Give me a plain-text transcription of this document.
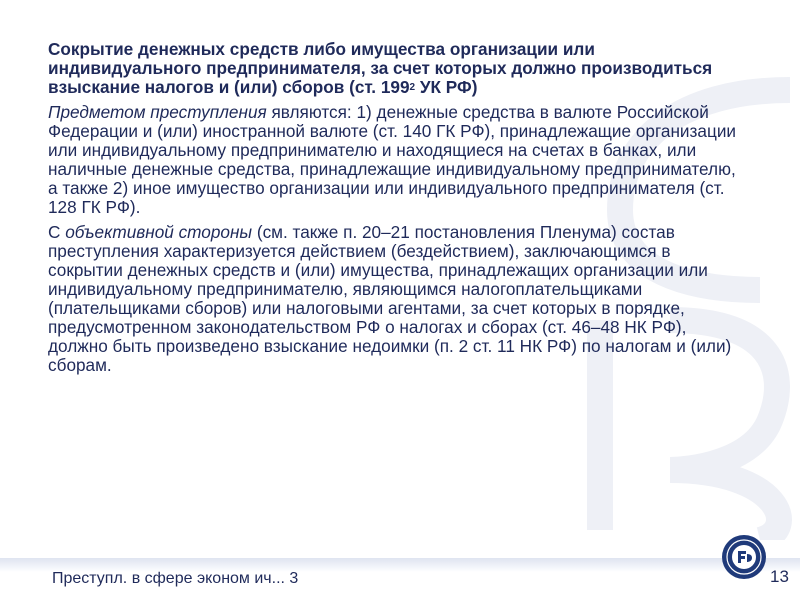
Сокрытие денежных средств либо имущества организации или индивидуального предпринимателя, за счет которых должно производиться взыскание налогов и (или) сборов (ст. $199^2$ УК РФ)

Предметом преступления являются: 1) денежные средства в валюте Российской Федерации и (или) иностранной валюте (ст. 140 ГК РФ), принадлежащие организации или индивидуальному предпринимателю и находящиеся на счетах в банках, или наличные денежные средства, принадлежащие индивидуальному предпринимателю, а также 2) иное имущество организации или индивидуального предпринимателя (ст. 128 ГК РФ).

С объективной стороны (см. также п. 20–21 постановления Пленума) состав преступления характеризуется действием (бездействием), заключающимся в сокрытии денежных средств и (или) имущества, принадлежащих организации или индивидуальному предпринимателю, являющимся налогоплательщиками (плательщиками сборов) или налоговыми агентами, за счет которых в порядке, предусмотренном законодательством РФ о налогах и сборах (ст. 46–48 НК РФ), должно быть произведено взыскание недоимки (п. 2 ст. 11 НК РФ) по налогам и (или) сборам.

Преступл. в сфере эконом ич... 3	13
